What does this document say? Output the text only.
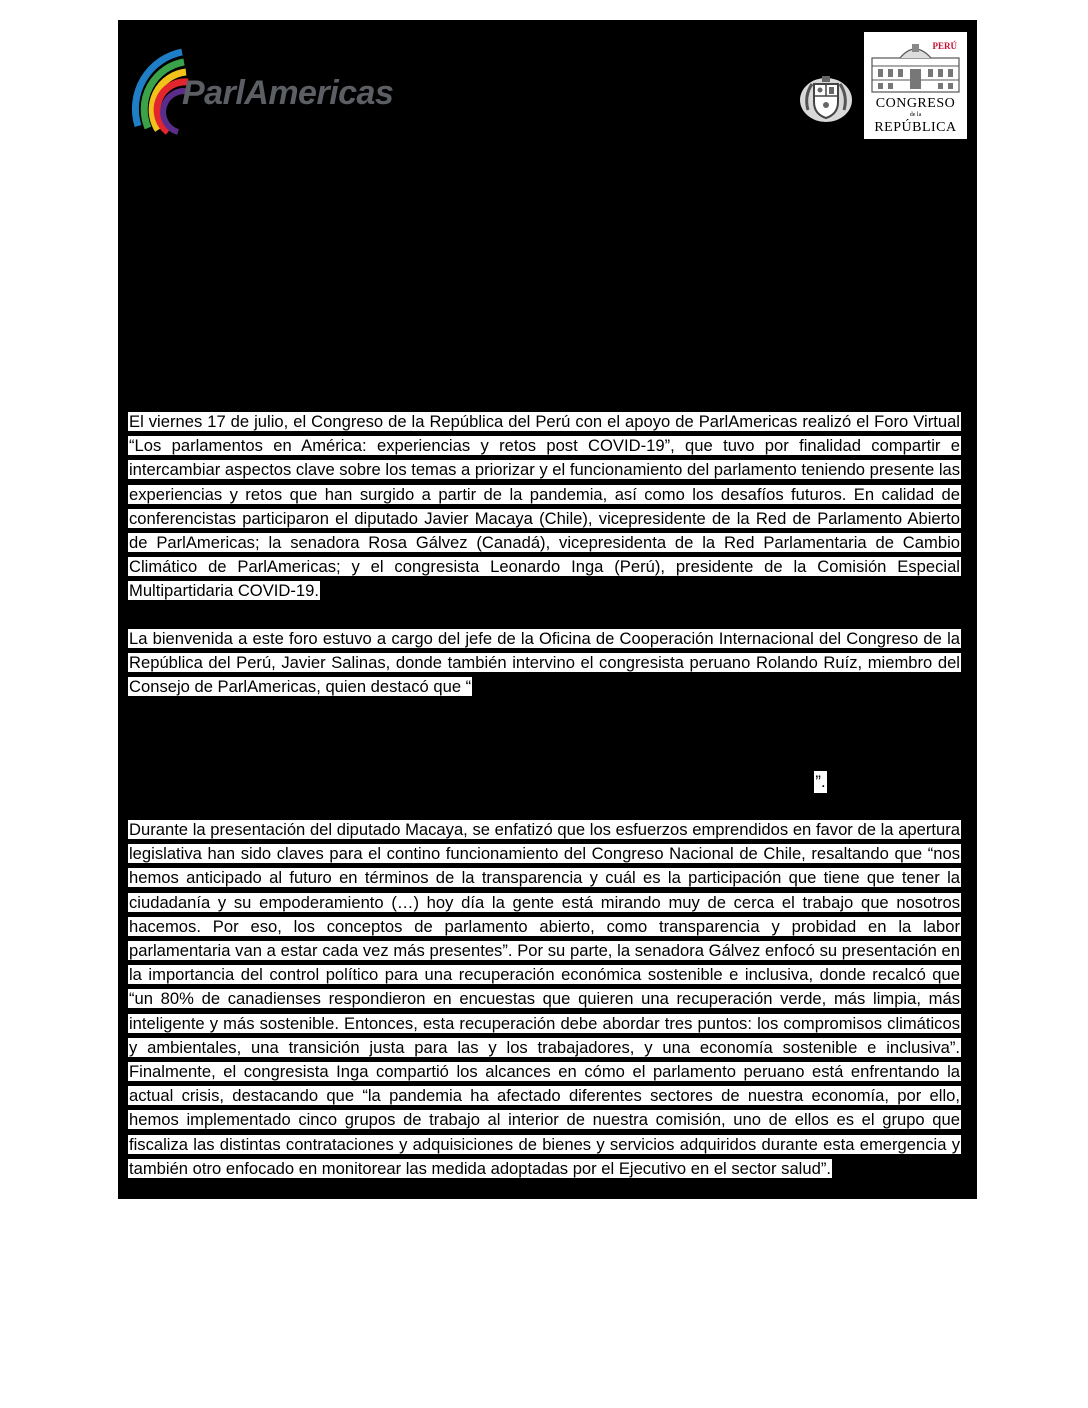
ParlAmericas
PERÚ
CONGRESO
de la
REPÚBLICA

El viernes 17 de julio, el Congreso de la República del Perú con el apoyo de ParlAmericas realizó el Foro Virtual “Los parlamentos en América: experiencias y retos post COVID-19”, que tuvo por finalidad compartir e intercambiar aspectos clave sobre los temas a priorizar y el funcionamiento del parlamento teniendo presente las experiencias y retos que han surgido a partir de la pandemia, así como los desafíos futuros. En calidad de conferencistas participaron el diputado Javier Macaya (Chile), vicepresidente de la Red de Parlamento Abierto de ParlAmericas; la senadora Rosa Gálvez (Canadá), vicepresidenta de la Red Parlamentaria de Cambio Climático de ParlAmericas; y el congresista Leonardo Inga (Perú), presidente de la Comisión Especial Multipartidaria COVID-19.

La bienvenida a este foro estuvo a cargo del jefe de la Oficina de Cooperación Internacional del Congreso de la República del Perú, Javier Salinas, donde también intervino el congresista peruano Rolando Ruíz, miembro del Consejo de ParlAmericas, quien destacó que “

”.

Durante la presentación del diputado Macaya, se enfatizó que los esfuerzos emprendidos en favor de la apertura legislativa han sido claves para el contino funcionamiento del Congreso Nacional de Chile, resaltando que “nos hemos anticipado al futuro en términos de la transparencia y cuál es la participación que tiene que tener la ciudadanía y su empoderamiento (…) hoy día la gente está mirando muy de cerca el trabajo que nosotros hacemos. Por eso, los conceptos de parlamento abierto, como transparencia y probidad en la labor parlamentaria van a estar cada vez más presentes”. Por su parte, la senadora Gálvez enfocó su presentación en la importancia del control político para una recuperación económica sostenible e inclusiva, donde recalcó que “un 80% de canadienses respondieron en encuestas que quieren una recuperación verde, más limpia, más inteligente y más sostenible. Entonces, esta recuperación debe abordar tres puntos: los compromisos climáticos y ambientales, una transición justa para las y los trabajadores, y una economía sostenible e inclusiva”. Finalmente, el congresista Inga compartió los alcances en cómo el parlamento peruano está enfrentando la actual crisis, destacando que “la pandemia ha afectado diferentes sectores de nuestra economía, por ello, hemos implementado cinco grupos de trabajo al interior de nuestra comisión, uno de ellos es el grupo que fiscaliza las distintas contrataciones y adquisiciones de bienes y servicios adquiridos durante esta emergencia y también otro enfocado en monitorear las medida adoptadas por el Ejecutivo en el sector salud”.
